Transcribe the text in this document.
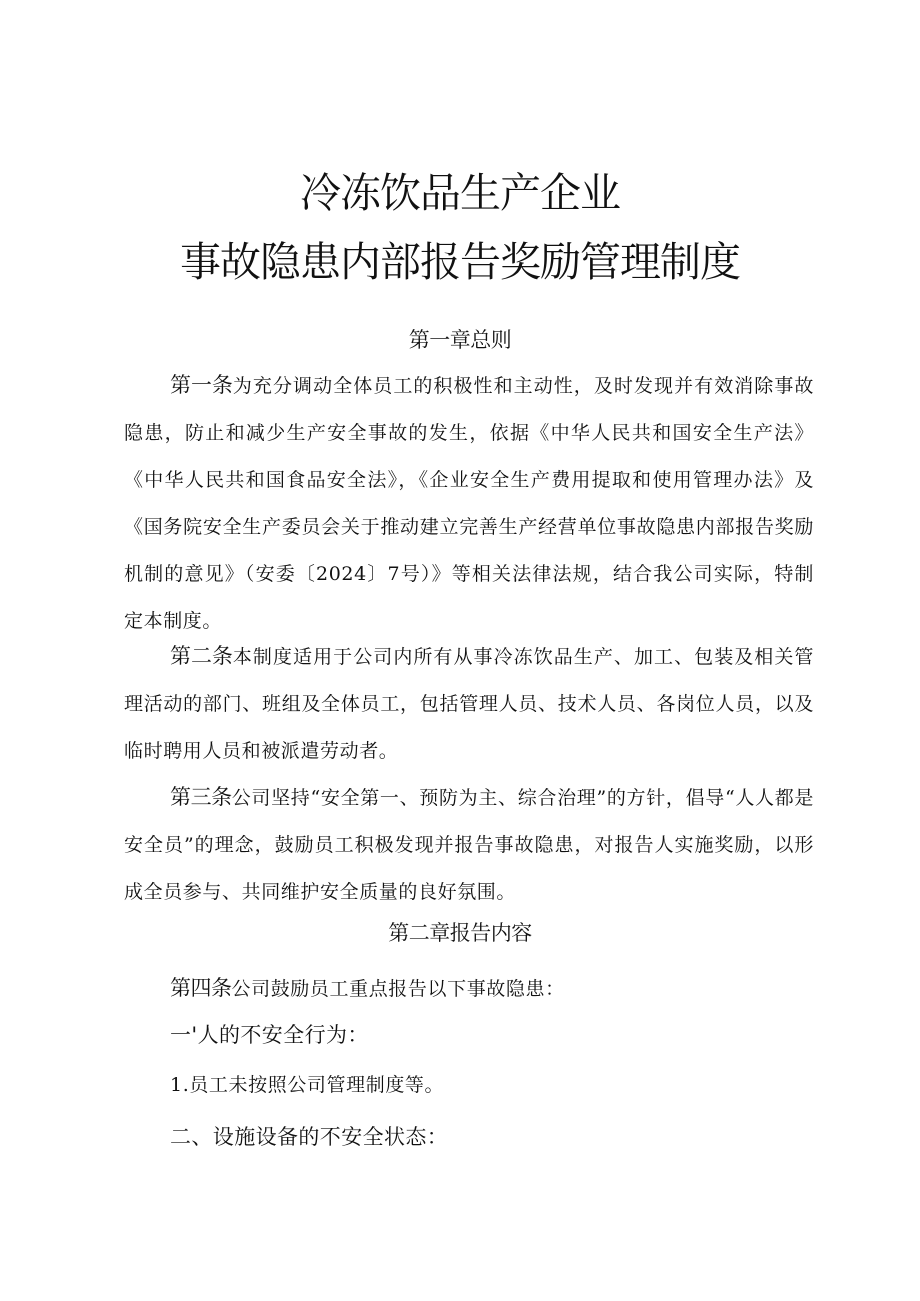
冷冻饮品生产企业
事故隐患内部报告奖励管理制度
第一章总则

第一条为充分调动全体员工的积极性和主动性，及时发现并有效消除事故隐患，防止和减少生产安全事故的发生，依据《中华人民共和国安全生产法》《中华人民共和国食品安全法》，《企业安全生产费用提取和使用管理办法》及《国务院安全生产委员会关于推动建立完善生产经营单位事故隐患内部报告奖励机制的意见》（安委〔2024〕7号）》等相关法律法规，结合我公司实际，特制定本制度。

第二条本制度适用于公司内所有从事冷冻饮品生产、加工、包装及相关管理活动的部门、班组及全体员工，包括管理人员、技术人员、各岗位人员，以及临时聘用人员和被派遣劳动者。

第三条公司坚持“安全第一、预防为主、综合治理”的方针，倡导“人人都是安全员”的理念，鼓励员工积极发现并报告事故隐患，对报告人实施奖励，以形成全员参与、共同维护安全质量的良好氛围。

第二章报告内容

第四条公司鼓励员工重点报告以下事故隐患：

一'人的不安全行为：

1.员工未按照公司管理制度等。

二、设施设备的不安全状态：
